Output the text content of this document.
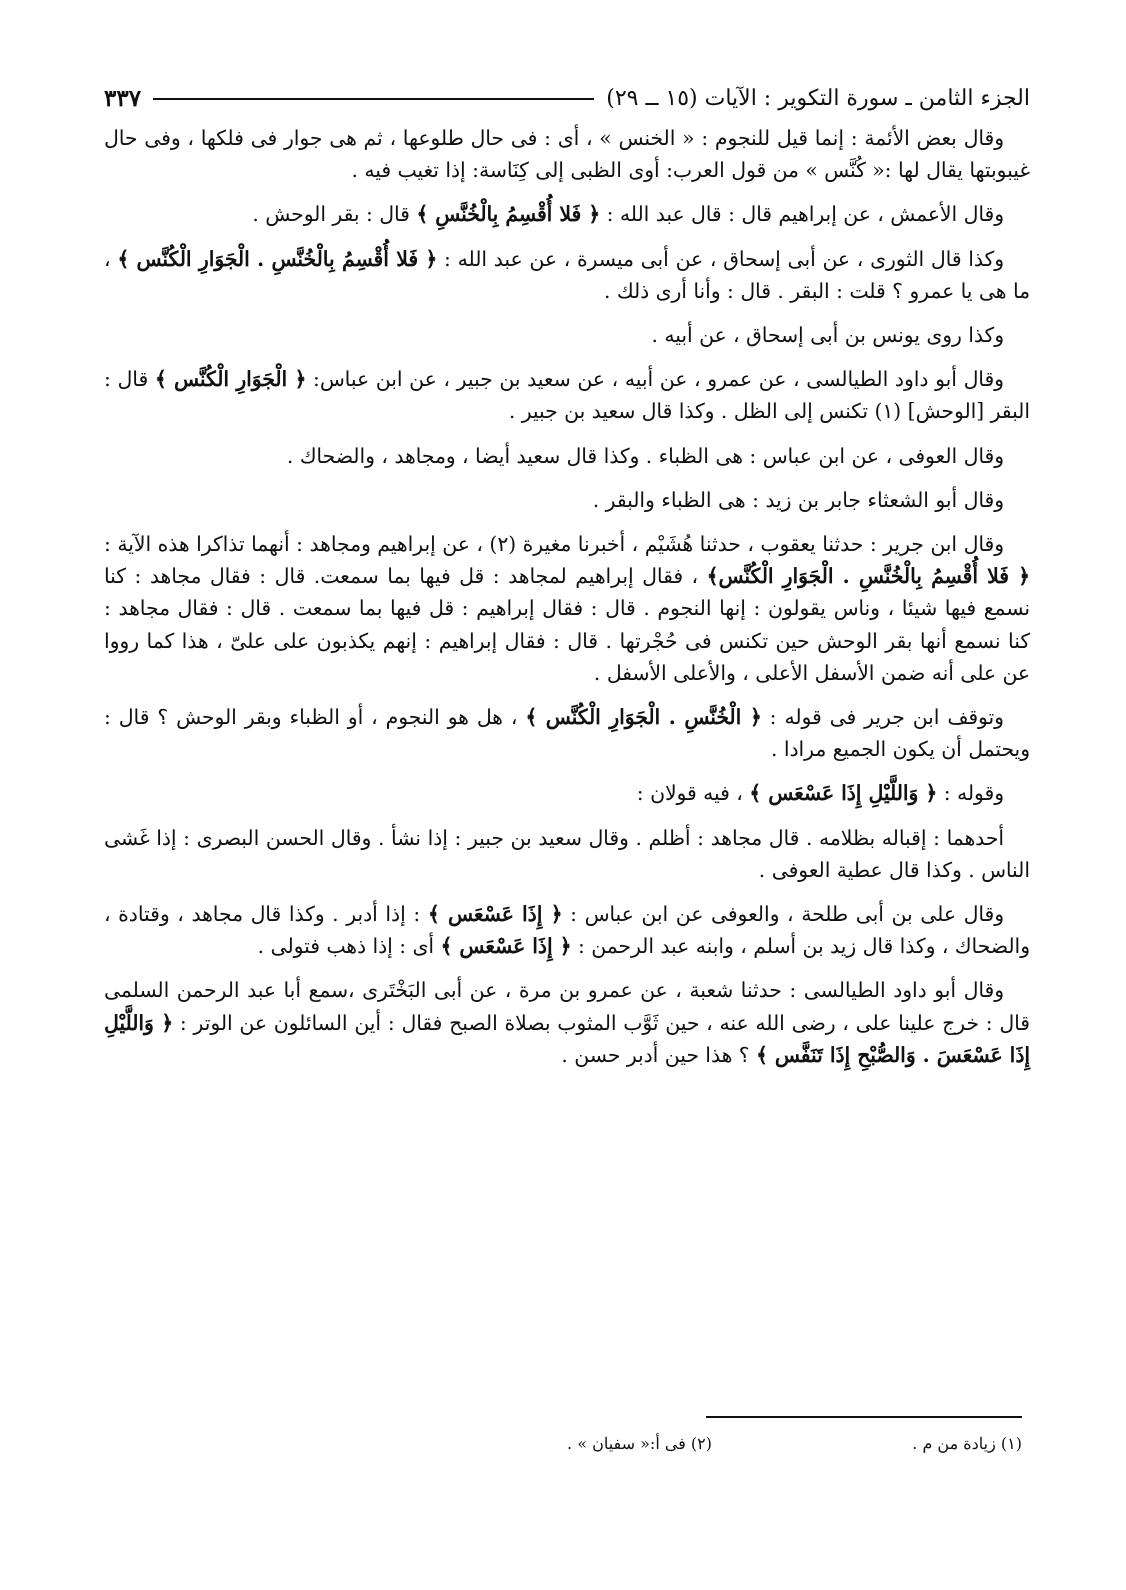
الجزء الثامن ـ سورة التكوير : الآيات (١٥ ــ ٢٩)
٣٣٧

وقال بعض الأئمة : إنما قيل للنجوم : « الخنس » ، أى : فى حال طلوعها ، ثم هى جوار فى فلكها ، وفى حال غيبوبتها يقال لها :« كُنَّس » من قول العرب: أوى الظبى إلى كِنَاسة: إذا تغيب فيه .

وقال الأعمش ، عن إبراهيم قال : قال عبد الله : ﴿ فَلا أُقْسِمُ بِالْخُنَّسِ ﴾ قال : بقر الوحش .

وكذا قال الثورى ، عن أبى إسحاق ، عن أبى ميسرة ، عن عبد الله : ﴿ فَلا أُقْسِمُ بِالْخُنَّسِ . الْجَوَارِ الْكُنَّس ﴾ ، ما هى يا عمرو ؟ قلت : البقر . قال : وأنا أرى ذلك .

وكذا روى يونس بن أبى إسحاق ، عن أبيه .

وقال أبو داود الطيالسى ، عن عمرو ، عن أبيه ، عن سعيد بن جبير ، عن ابن عباس: ﴿ الْجَوَارِ الْكُنَّس ﴾ قال : البقر [الوحش] (١) تكنس إلى الظل . وكذا قال سعيد بن جبير .

وقال العوفى ، عن ابن عباس : هى الظباء . وكذا قال سعيد أيضا ، ومجاهد ، والضحاك .

وقال أبو الشعثاء جابر بن زيد : هى الظباء والبقر .

وقال ابن جرير : حدثنا يعقوب ، حدثنا هُشَيْم ، أخبرنا مغيرة (٢) ، عن إبراهيم ومجاهد : أنهما تذاكرا هذه الآية : ﴿ فَلا أُقْسِمُ بِالْخُنَّسِ . الْجَوَارِ الْكُنَّس﴾ ، فقال إبراهيم لمجاهد : قل فيها بما سمعت. قال : فقال مجاهد : كنا نسمع فيها شيئا ، وناس يقولون : إنها النجوم . قال : فقال إبراهيم : قل فيها بما سمعت . قال : فقال مجاهد : كنا نسمع أنها بقر الوحش حين تكنس فى حُجْرتها . قال : فقال إبراهيم : إنهم يكذبون على علىّ ، هذا كما رووا عن على أنه ضمن الأسفل الأعلى ، والأعلى الأسفل .

وتوقف ابن جرير فى قوله : ﴿ الْخُنَّسِ . الْجَوَارِ الْكُنَّس ﴾ ، هل هو النجوم ، أو الظباء وبقر الوحش ؟ قال : ويحتمل أن يكون الجميع مرادا .

وقوله : ﴿ وَاللَّيْلِ إِذَا عَسْعَس ﴾ ، فيه قولان :

أحدهما : إقباله بظلامه . قال مجاهد : أظلم . وقال سعيد بن جبير : إذا نشأ . وقال الحسن البصرى : إذا غَشى الناس . وكذا قال عطية العوفى .

وقال على بن أبى طلحة ، والعوفى عن ابن عباس : ﴿ إِذَا عَسْعَس ﴾ : إذا أدبر . وكذا قال مجاهد ، وقتادة ، والضحاك ، وكذا قال زيد بن أسلم ، وابنه عبد الرحمن : ﴿ إِذَا عَسْعَس ﴾ أى : إذا ذهب فتولى .

وقال أبو داود الطيالسى : حدثنا شعبة ، عن عمرو بن مرة ، عن أبى البَخْتَرى ،سمع أبا عبد الرحمن السلمى قال : خرج علينا على ، رضى الله عنه ، حين ثَوَّب المثوب بصلاة الصبح فقال : أين السائلون عن الوتر : ﴿ وَاللَّيْلِ إِذَا عَسْعَسَ . وَالصُّبْحِ إِذَا تَنَفَّس ﴾ ؟ هذا حين أدبر حسن .

(١) زيادة من م .
(٢) فى أ:« سفيان » .
